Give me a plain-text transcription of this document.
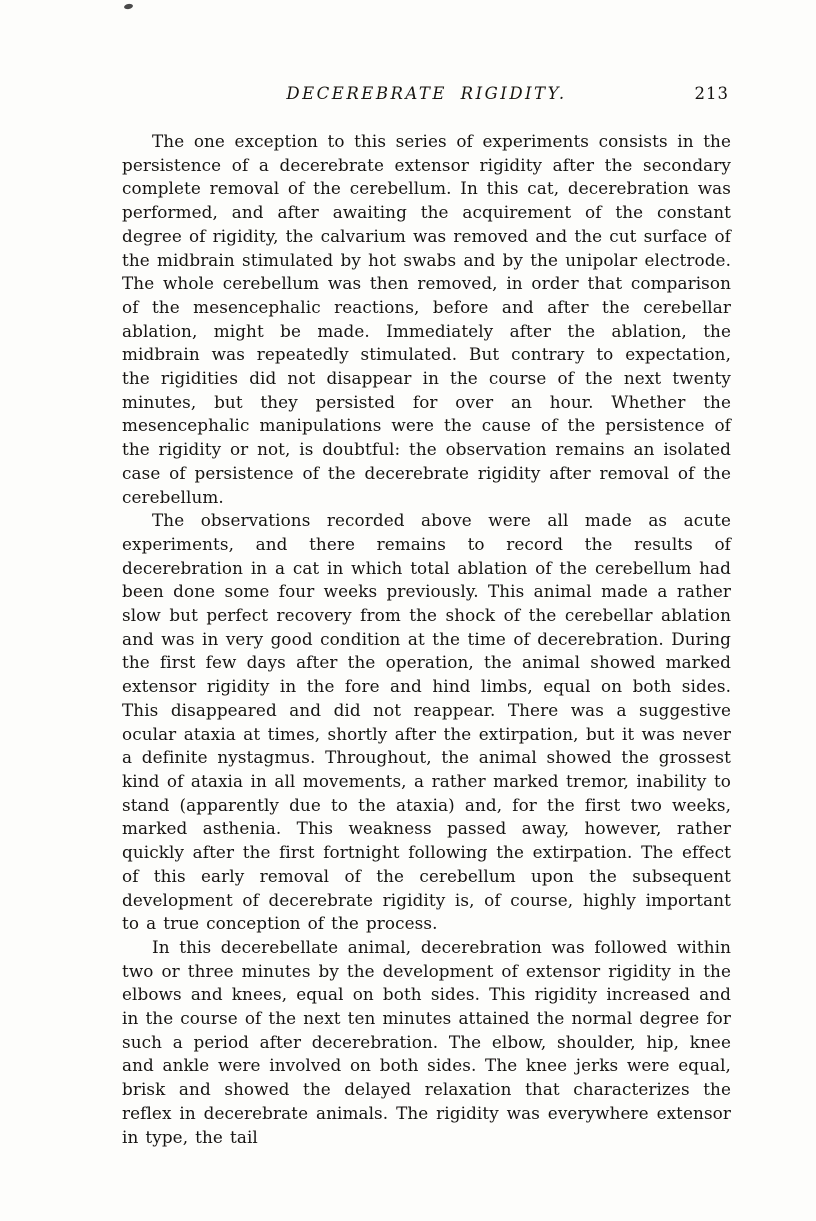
DECEREBRATE RIGIDITY.	213

The one exception to this series of experiments consists in the persistence of a decerebrate extensor rigidity after the secondary complete removal of the cerebellum. In this cat, decerebration was performed, and after awaiting the acquirement of the constant degree of rigidity, the calvarium was removed and the cut surface of the midbrain stimulated by hot swabs and by the unipolar electrode. The whole cerebellum was then removed, in order that comparison of the mesencephalic reactions, before and after the cerebellar ablation, might be made. Immediately after the ablation, the midbrain was repeatedly stimulated. But contrary to expectation, the rigidities did not disappear in the course of the next twenty minutes, but they persisted for over an hour. Whether the mesencephalic manipulations were the cause of the persistence of the rigidity or not, is doubtful: the observation remains an isolated case of persistence of the decerebrate rigidity after removal of the cerebellum.

The observations recorded above were all made as acute experiments, and there remains to record the results of decerebration in a cat in which total ablation of the cerebellum had been done some four weeks previously. This animal made a rather slow but perfect recovery from the shock of the cerebellar ablation and was in very good condition at the time of decerebration. During the first few days after the operation, the animal showed marked extensor rigidity in the fore and hind limbs, equal on both sides. This disappeared and did not reappear. There was a suggestive ocular ataxia at times, shortly after the extirpation, but it was never a definite nystagmus. Throughout, the animal showed the grossest kind of ataxia in all movements, a rather marked tremor, inability to stand (apparently due to the ataxia) and, for the first two weeks, marked asthenia. This weakness passed away, however, rather quickly after the first fortnight following the extirpation. The effect of this early removal of the cerebellum upon the subsequent development of decerebrate rigidity is, of course, highly important to a true conception of the process.

In this decerebellate animal, decerebration was followed within two or three minutes by the development of extensor rigidity in the elbows and knees, equal on both sides. This rigidity increased and in the course of the next ten minutes attained the normal degree for such a period after decerebration. The elbow, shoulder, hip, knee and ankle were involved on both sides. The knee jerks were equal, brisk and showed the delayed relaxation that characterizes the reflex in decerebrate animals. The rigidity was everywhere extensor in type, the tail
